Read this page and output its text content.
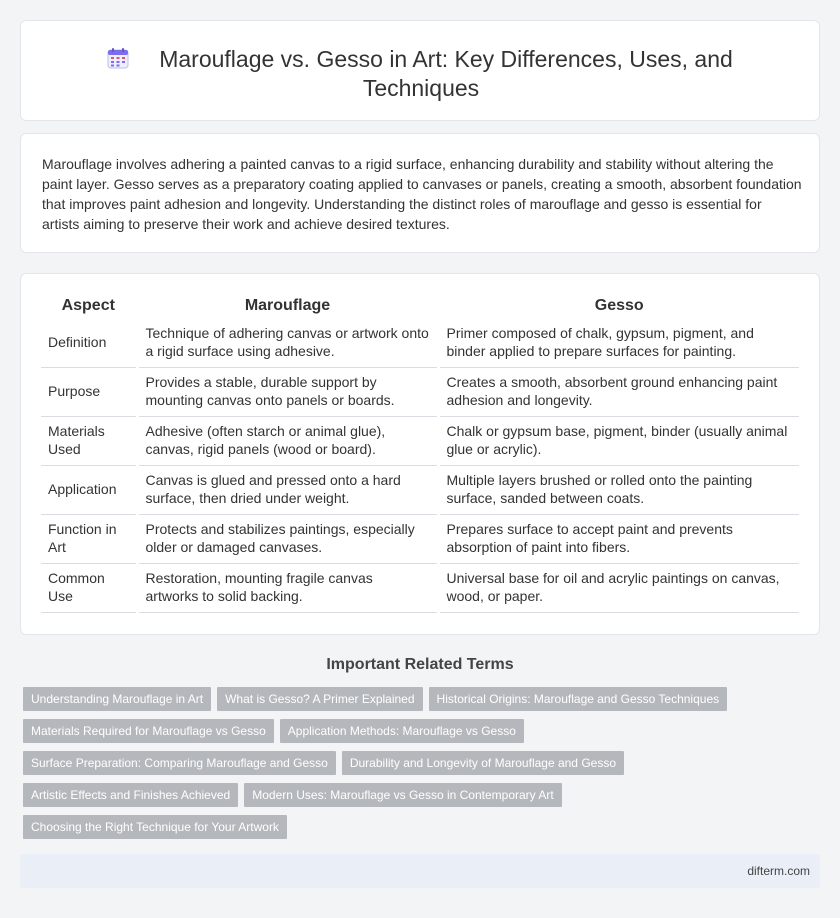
Marouflage vs. Gesso in Art: Key Differences, Uses, and Techniques

Marouflage involves adhering a painted canvas to a rigid surface, enhancing durability and stability without altering the paint layer. Gesso serves as a preparatory coating applied to canvases or panels, creating a smooth, absorbent foundation that improves paint adhesion and longevity. Understanding the distinct roles of marouflage and gesso is essential for artists aiming to preserve their work and achieve desired textures.

Aspect	Marouflage	Gesso
Definition	Technique of adhering canvas or artwork onto a rigid surface using adhesive.	Primer composed of chalk, gypsum, pigment, and binder applied to prepare surfaces for painting.
Purpose	Provides a stable, durable support by mounting canvas onto panels or boards.	Creates a smooth, absorbent ground enhancing paint adhesion and longevity.
Materials Used	Adhesive (often starch or animal glue), canvas, rigid panels (wood or board).	Chalk or gypsum base, pigment, binder (usually animal glue or acrylic).
Application	Canvas is glued and pressed onto a hard surface, then dried under weight.	Multiple layers brushed or rolled onto the painting surface, sanded between coats.
Function in Art	Protects and stabilizes paintings, especially older or damaged canvases.	Prepares surface to accept paint and prevents absorption of paint into fibers.
Common Use	Restoration, mounting fragile canvas artworks to solid backing.	Universal base for oil and acrylic paintings on canvas, wood, or paper.
Important Related Terms
Understanding Marouflage in Art	What is Gesso? A Primer Explained	Historical Origins: Marouflage and Gesso Techniques
Materials Required for Marouflage vs Gesso	Application Methods: Marouflage vs Gesso
Surface Preparation: Comparing Marouflage and Gesso	Durability and Longevity of Marouflage and Gesso
Artistic Effects and Finishes Achieved	Modern Uses: Marouflage vs Gesso in Contemporary Art
Choosing the Right Technique for Your Artwork
difterm.com
